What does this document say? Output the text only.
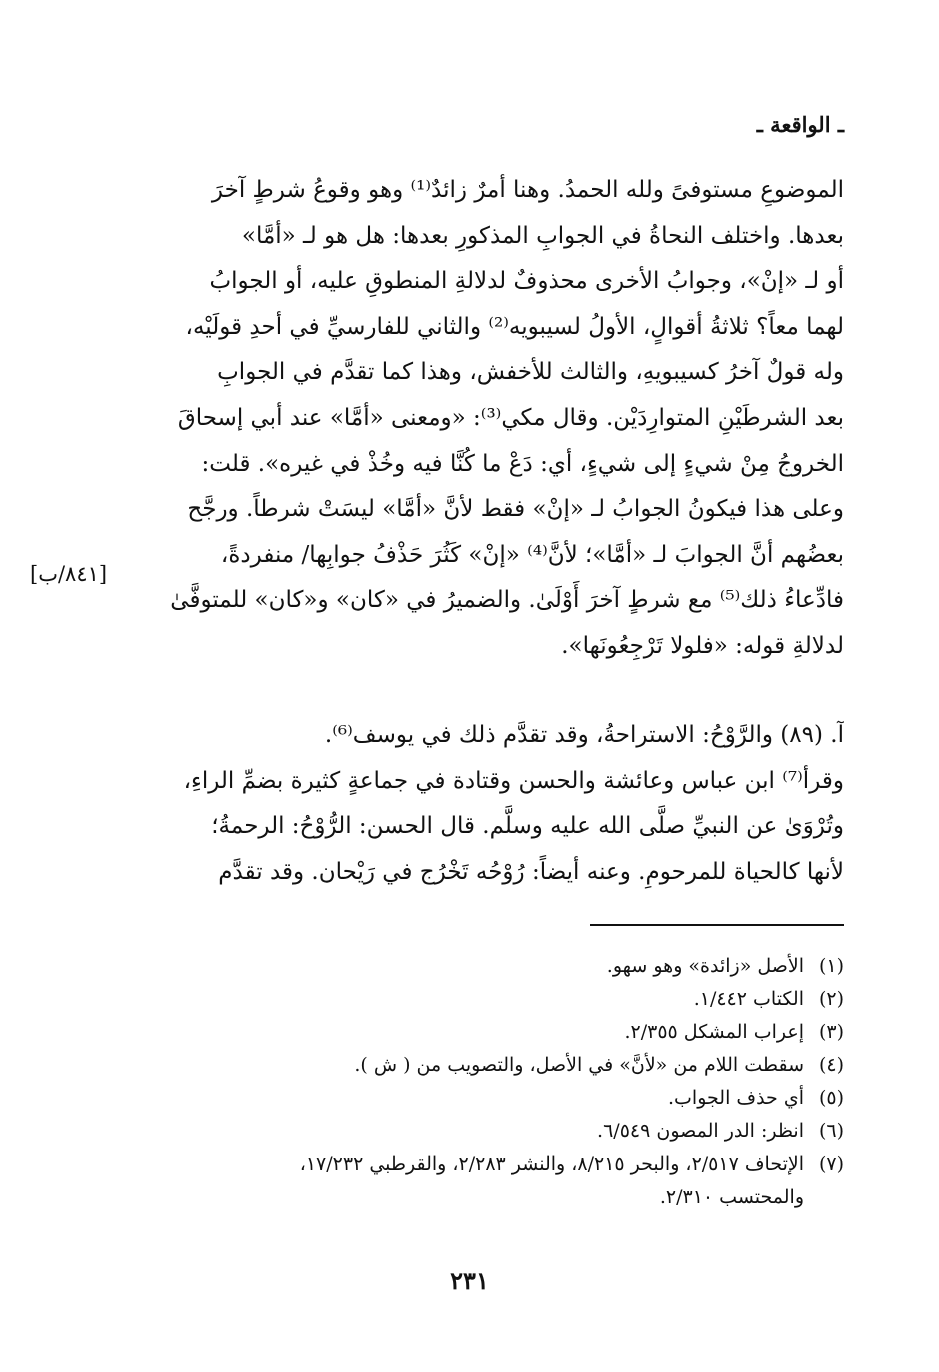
ـ الواقعة ـ
الموضوعِ مستوفىً ولله الحمدُ. وهنا أمرٌ زائدٌ⁽¹⁾ وهو وقوعُ شرطٍ آخرَ
بعدها. واختلف النحاةُ في الجوابِ المذكورِ بعدها: هل هو لـ «أمَّا»
أو لـ «إنْ»، وجوابُ الأخرى محذوفٌ لدلالةِ المنطوقِ عليه، أو الجوابُ
لهما معاً؟ ثلاثةُ أقوالٍ، الأولُ لسيبويه⁽²⁾ والثاني للفارسيِّ في أحدِ قولَيْه،
وله قولٌ آخرُ كسيبويهِ، والثالث للأخفش، وهذا كما تقدَّم في الجوابِ
بعد الشرطَيْنِ المتوارِدَيْن. وقال مكي⁽³⁾: «ومعنى «أمَّا» عند أبي إسحاقَ
الخروجُ مِنْ شيءٍ إلى شيءٍ، أي: دَعْ ما كُنَّا فيه وخُذْ في غيره». قلت:
وعلى هذا فيكونُ الجوابُ لـ «إنْ» فقط لأنَّ «أمَّا» ليسَتْ شرطاً. ورجَّح
بعضُهم أنَّ الجوابَ لـ «أمَّا»؛ لأنَّ⁽⁴⁾ «إنْ» كَثُرَ حَذْفُ جوابِها/ منفردةً،
فادِّعاءُ ذلك⁽⁵⁾ مع شرطٍ آخرَ أَوْلَىٰ. والضميرُ في «كان» و«كان» للمتوفَّىٰ
لدلالةِ قوله: «فلولا تَرْجِعُونَها».
[٨٤١/ب]
آ. (٨٩) والرَّوْحُ: الاستراحةُ، وقد تقدَّم ذلك في يوسف⁽⁶⁾.
وقرأ⁽⁷⁾ ابن عباس وعائشة والحسن وقتادة في جماعةٍ كثيرة بضمِّ الراءِ،
وتُرْوَىٰ عن النبيِّ صلَّى الله عليه وسلَّم. قال الحسن: الرُّوْحُ: الرحمةُ؛
لأنها كالحياة للمرحومِ. وعنه أيضاً: رُوْحُه تَخْرُج في رَيْحان. وقد تقدَّم
(١)الأصل «زائدة» وهو سهو.
(٢)الكتاب ١/٤٤٢.
(٣)إعراب المشكل ٢/٣٥٥.
(٤)سقطت اللام من «لأنَّ» في الأصل، والتصويب من ( ش ).
(٥)أي حذف الجواب.
(٦)انظر: الدر المصون ٦/٥٤٩.
(٧)الإتحاف ٢/٥١٧، والبحر ٨/٢١٥، والنشر ٢/٢٨٣، والقرطبي ١٧/٢٣٢،
والمحتسب ٢/٣١٠.
٢٣١
